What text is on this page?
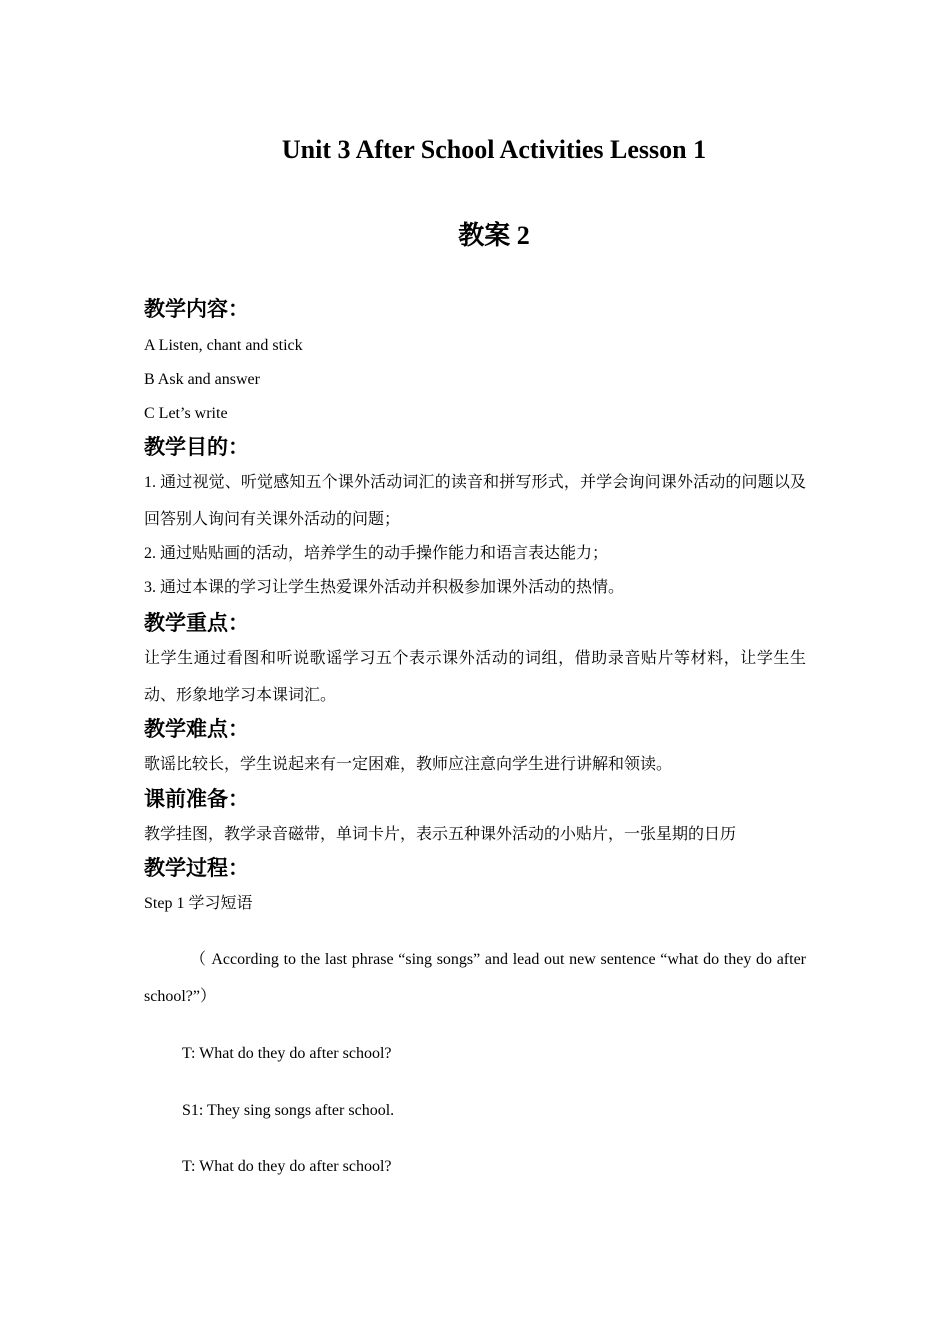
Unit 3 After School Activities Lesson 1
教案 2

教学内容：

A Listen, chant and stick

B Ask and answer

C Let’s write

教学目的：

1. 通过视觉、听觉感知五个课外活动词汇的读音和拼写形式，并学会询问课外活动的问题以及回答别人询问有关课外活动的问题；

2. 通过贴贴画的活动，培养学生的动手操作能力和语言表达能力；

3. 通过本课的学习让学生热爱课外活动并积极参加课外活动的热情。

教学重点：

让学生通过看图和听说歌谣学习五个表示课外活动的词组，借助录音贴片等材料，让学生生动、形象地学习本课词汇。

教学难点：

歌谣比较长，学生说起来有一定困难，教师应注意向学生进行讲解和领读。

课前准备：

教学挂图，教学录音磁带，单词卡片，表示五种课外活动的小贴片，一张星期的日历

教学过程：

Step 1 学习短语

（ According to the last phrase “sing songs” and lead out new sentence “what do they do after school?”）

T: What do they do after school?

S1: They sing songs after school.

T: What do they do after school?
